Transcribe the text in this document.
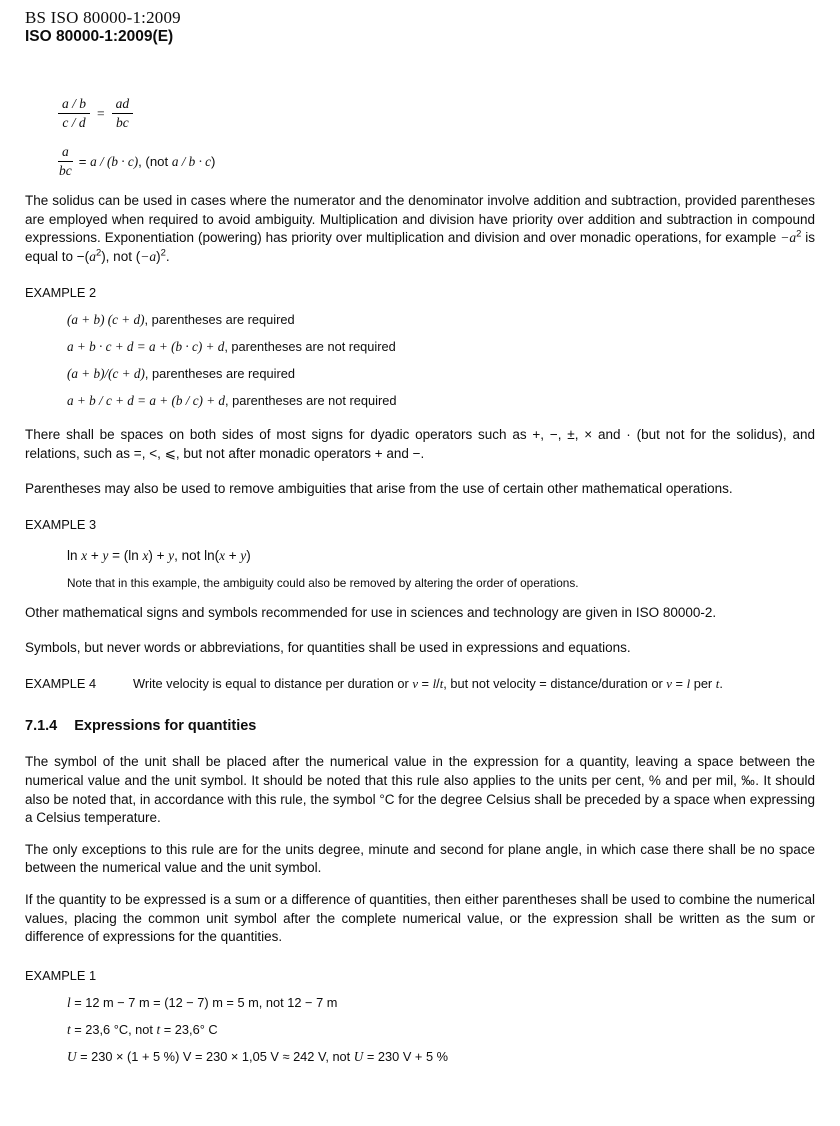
BS ISO 80000-1:2009
ISO 80000-1:2009(E)
$\frac{a / b}{c / d} = \frac{ad}{bc}$
$\frac{a}{bc} = a / (b \cdot c)$, (not a / b · c)

The solidus can be used in cases where the numerator and the denominator involve addition and subtraction, provided parentheses are employed when required to avoid ambiguity. Multiplication and division have priority over addition and subtraction in compound expressions. Exponentiation (powering) has priority over multiplication and division and over monadic operations, for example $-a^2$ is equal to $-(a^2)$, not $(-a)^2$.

EXAMPLE 2
(a + b) (c + d), parentheses are required
a + b · c + d = a + (b · c) + d, parentheses are not required
(a + b)/(c + d), parentheses are required
a + b / c + d = a + (b / c) + d, parentheses are not required

There shall be spaces on both sides of most signs for dyadic operators such as +, −, ±, × and · (but not for the solidus), and relations, such as =, <, ⩽, but not after monadic operators + and −.

Parentheses may also be used to remove ambiguities that arise from the use of certain other mathematical operations.

EXAMPLE 3
ln x + y = (ln x) + y, not ln(x + y)
Note that in this example, the ambiguity could also be removed by altering the order of operations.

Other mathematical signs and symbols recommended for use in sciences and technology are given in ISO 80000-2.

Symbols, but never words or abbreviations, for quantities shall be used in expressions and equations.

EXAMPLE 4	Write velocity is equal to distance per duration or v = l/t, but not velocity = distance/duration or v = l per t.
7.1.4 Expressions for quantities

The symbol of the unit shall be placed after the numerical value in the expression for a quantity, leaving a space between the numerical value and the unit symbol. It should be noted that this rule also applies to the units per cent, % and per mil, ‰. It should also be noted that, in accordance with this rule, the symbol °C for the degree Celsius shall be preceded by a space when expressing a Celsius temperature.

The only exceptions to this rule are for the units degree, minute and second for plane angle, in which case there shall be no space between the numerical value and the unit symbol.

If the quantity to be expressed is a sum or a difference of quantities, then either parentheses shall be used to combine the numerical values, placing the common unit symbol after the complete numerical value, or the expression shall be written as the sum or difference of expressions for the quantities.

EXAMPLE 1
l = 12 m − 7 m = (12 − 7) m = 5 m, not 12 − 7 m
t = 23,6 °C, not t = 23,6° C
U = 230 × (1 + 5 %) V = 230 × 1,05 V ≈ 242 V, not U = 230 V + 5 %
